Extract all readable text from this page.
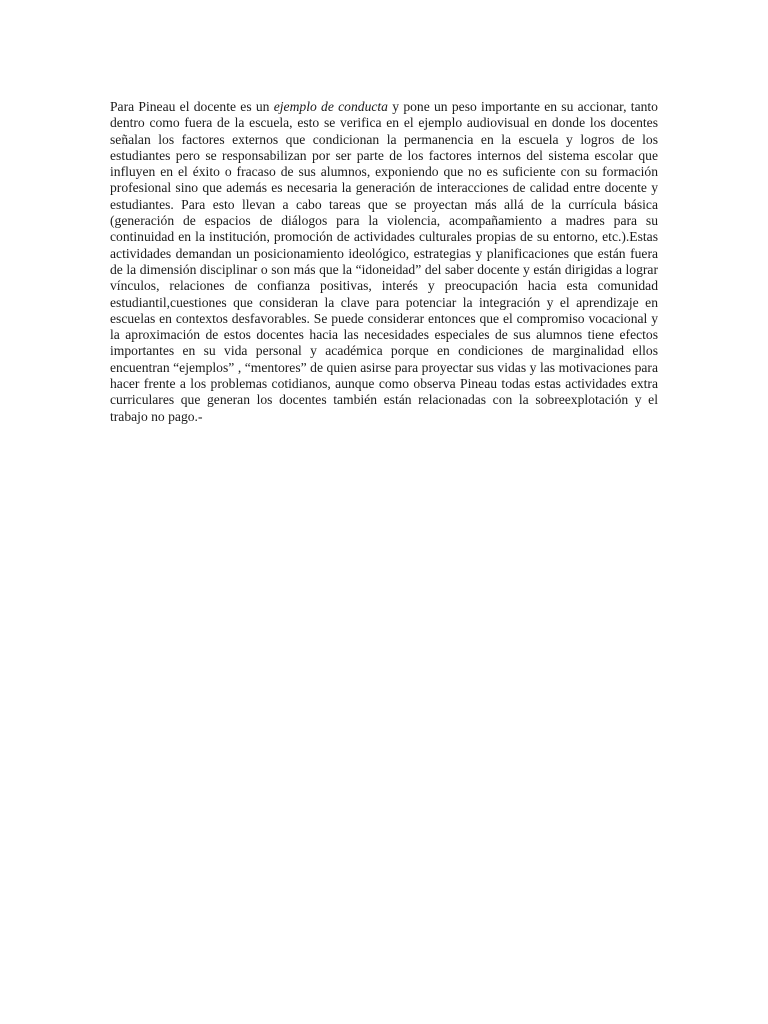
Para Pineau el docente es un ejemplo de conducta y pone un peso importante en su accionar, tanto dentro como fuera de la escuela, esto se verifica en el ejemplo audiovisual en donde los docentes señalan los factores externos que condicionan la permanencia en la escuela y logros de los estudiantes pero se responsabilizan por ser parte de los factores internos del sistema escolar que influyen en el éxito o fracaso de sus alumnos, exponiendo que no es suficiente con su formación profesional sino que además es necesaria la generación de interacciones de calidad entre docente y estudiantes. Para esto llevan a cabo tareas que se proyectan más allá de la currícula básica (generación de espacios de diálogos para la violencia, acompañamiento a madres para su continuidad en la institución, promoción de actividades culturales propias de su entorno, etc.).Estas actividades demandan un posicionamiento ideológico, estrategias y planificaciones que están fuera de la dimensión disciplinar o son más que la “idoneidad” del saber docente y están dirigidas a lograr vínculos, relaciones de confianza positivas, interés y preocupación hacia esta comunidad estudiantil,cuestiones que consideran la clave para potenciar la integración y el aprendizaje en escuelas en contextos desfavorables. Se puede considerar entonces que el compromiso vocacional y la aproximación de estos docentes hacia las necesidades especiales de sus alumnos tiene efectos importantes en su vida personal y académica porque en condiciones de marginalidad ellos encuentran “ejemplos” , “mentores” de quien asirse para proyectar sus vidas y las motivaciones para hacer frente a los problemas cotidianos, aunque como observa Pineau todas estas actividades extra curriculares que generan los docentes también están relacionadas con la sobreexplotación y el trabajo no pago.-
